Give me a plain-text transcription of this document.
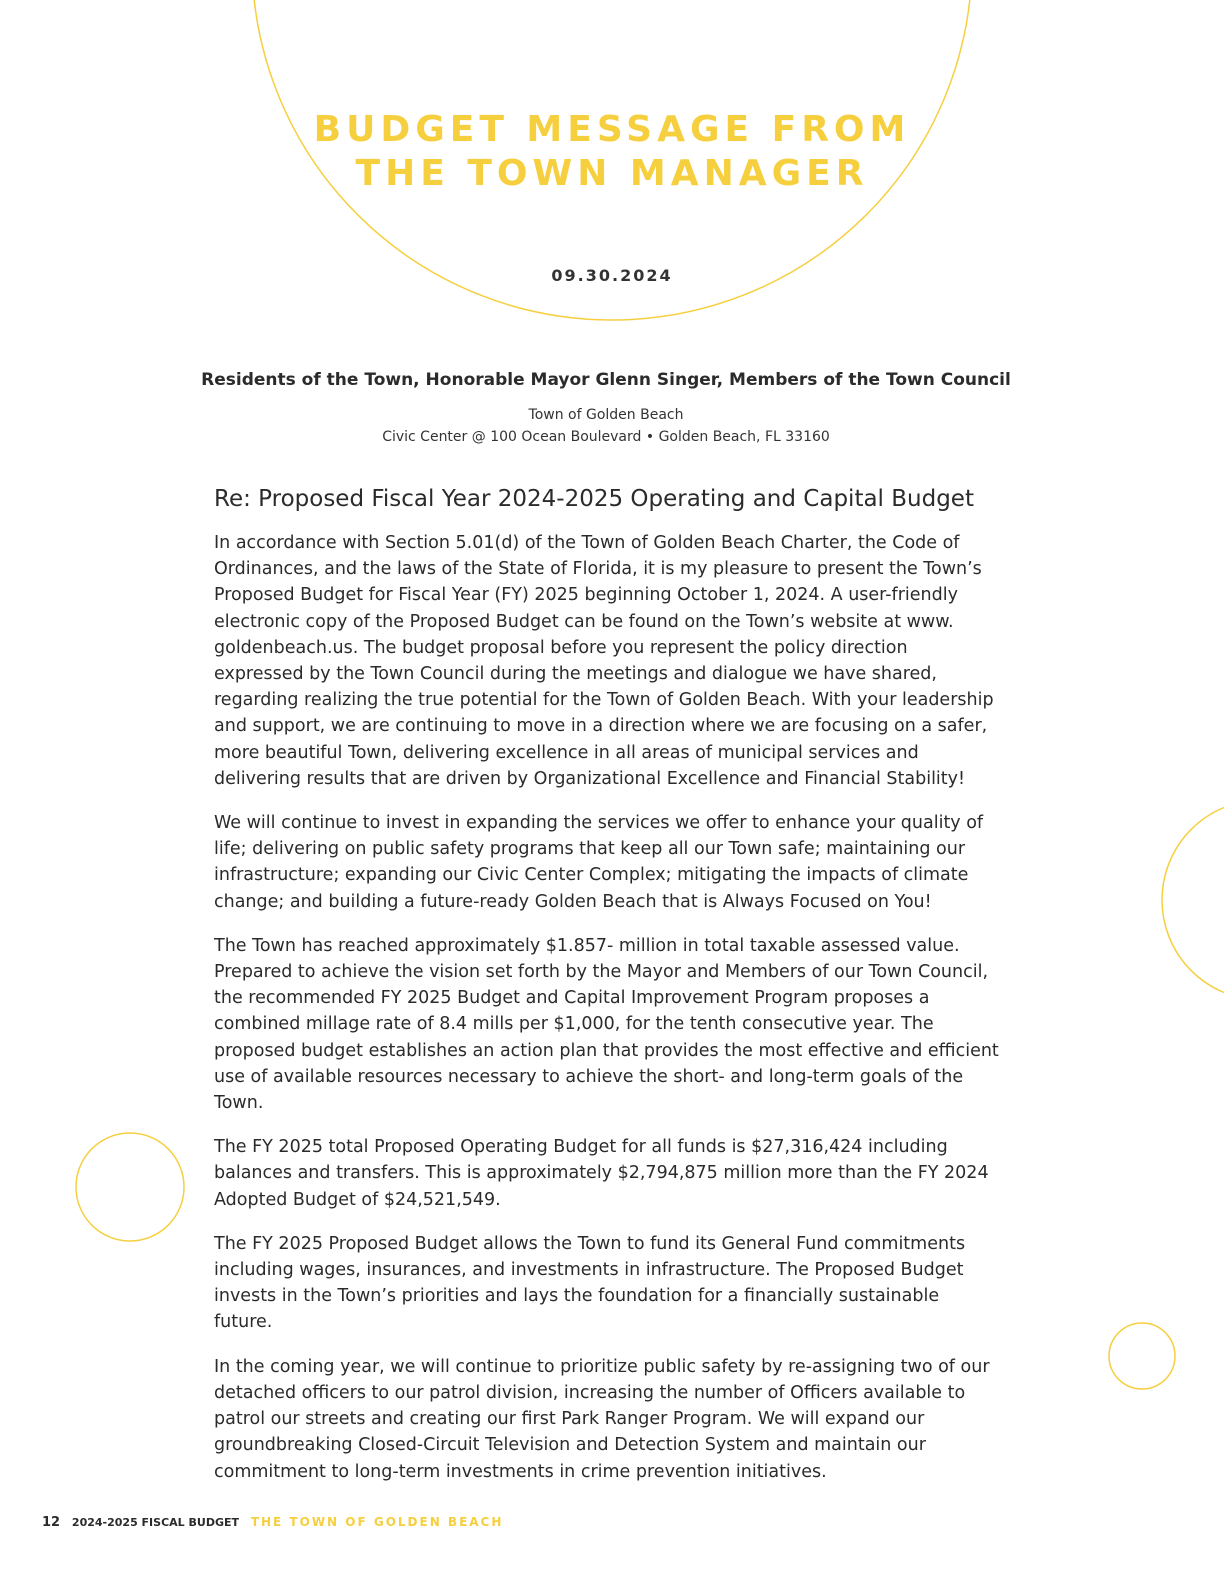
BUDGET MESSAGE FROM
THE TOWN MANAGER
09.30.2024
Residents of the Town, Honorable Mayor Glenn Singer, Members of the Town Council
Town of Golden Beach
Civic Center @ 100 Ocean Boulevard • Golden Beach, FL 33160
Re: Proposed Fiscal Year 2024-2025 Operating and Capital Budget

In accordance with Section 5.01(d) of the Town of Golden Beach Charter, the Code of Ordinances, and the laws of the State of Florida, it is my pleasure to present the Town’s Proposed Budget for Fiscal Year (FY) 2025 beginning October 1, 2024. A user-friendly electronic copy of the Proposed Budget can be found on the Town’s website at www. goldenbeach.us. The budget proposal before you represent the policy direction expressed by the Town Council during the meetings and dialogue we have shared, regarding realizing the true potential for the Town of Golden Beach. With your leadership and support, we are continuing to move in a direction where we are focusing on a safer, more beautiful Town, delivering excellence in all areas of municipal services and delivering results that are driven by Organizational Excellence and Financial Stability!

We will continue to invest in expanding the services we offer to enhance your quality of life; delivering on public safety programs that keep all our Town safe; maintaining our infrastructure; expanding our Civic Center Complex; mitigating the impacts of climate change; and building a future-ready Golden Beach that is Always Focused on You!

The Town has reached approximately $1.857- million in total taxable assessed value. Prepared to achieve the vision set forth by the Mayor and Members of our Town Council, the recommended FY 2025 Budget and Capital Improvement Program proposes a combined millage rate of 8.4 mills per $1,000, for the tenth consecutive year. The proposed budget establishes an action plan that provides the most effective and efficient use of available resources necessary to achieve the short- and long-term goals of the Town.

The FY 2025 total Proposed Operating Budget for all funds is $27,316,424 including balances and transfers. This is approximately $2,794,875 million more than the FY 2024 Adopted Budget of $24,521,549.

The FY 2025 Proposed Budget allows the Town to fund its General Fund commitments including wages, insurances, and investments in infrastructure. The Proposed Budget invests in the Town’s priorities and lays the foundation for a financially sustainable future.

In the coming year, we will continue to prioritize public safety by re-assigning two of our detached officers to our patrol division, increasing the number of Officers available to patrol our streets and creating our first Park Ranger Program. We will expand our groundbreaking Closed-Circuit Television and Detection System and maintain our commitment to long-term investments in crime prevention initiatives.

12 2024-2025 FISCAL BUDGET THE TOWN OF GOLDEN BEACH
